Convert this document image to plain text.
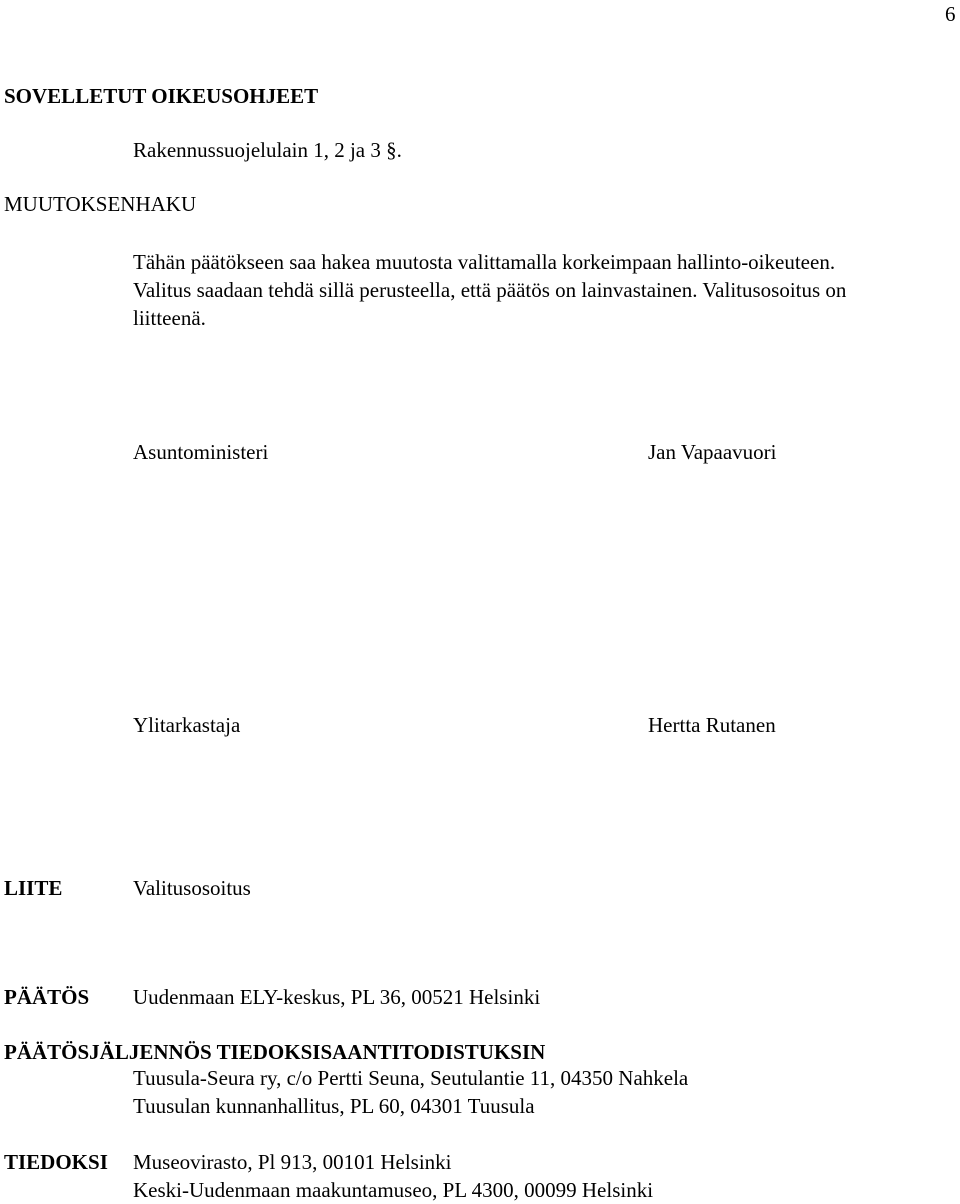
6
SOVELLETUT OIKEUSOHJEET
Rakennussuojelulain 1, 2 ja 3 §.
MUUTOKSENHAKU
Tähän päätökseen saa hakea muutosta valittamalla korkeimpaan hallinto-oikeuteen.
Valitus saadaan tehdä sillä perusteella, että päätös on lainvastainen. Valitusosoitus on
liitteenä.
Asuntoministeri	Jan Vapaavuori
Ylitarkastaja	Hertta Rutanen
LIITE	Valitusosoitus
PÄÄTÖS Uudenmaan ELY-keskus, PL 36, 00521 Helsinki
PÄÄTÖSJÄLJENNÖS TIEDOKSISAANTITODISTUKSIN
Tuusula-Seura ry, c/o Pertti Seuna, Seutulantie 11, 04350 Nahkela
Tuusulan kunnanhallitus, PL 60, 04301 Tuusula
TIEDOKSI Museovirasto, Pl 913, 00101 Helsinki
Keski-Uudenmaan maakuntamuseo, PL 4300, 00099 Helsinki
